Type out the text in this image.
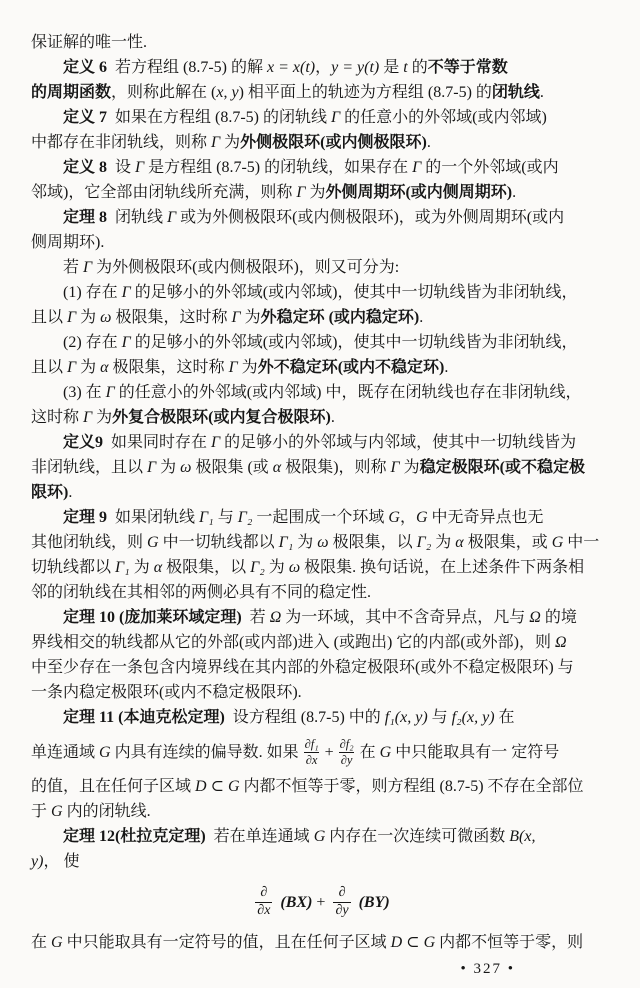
保证解的唯一性.
定义 6  若方程组 (8.7-5) 的解 x = x(t)，y = y(t) 是 t 的不等于常数
的周期函数，则称此解在 (x, y) 相平面上的轨迹为方程组 (8.7-5) 的闭轨线.
定义 7  如果在方程组 (8.7-5) 的闭轨线 Γ 的任意小的外邻域(或内邻域)
中都存在非闭轨线，则称 Γ 为外侧极限环(或内侧极限环).
定义 8  设 Γ 是方程组 (8.7-5) 的闭轨线，如果存在 Γ 的一个外邻域(或内
邻域)，它全部由闭轨线所充满，则称 Γ 为外侧周期环(或内侧周期环).
定理 8  闭轨线 Γ 或为外侧极限环(或内侧极限环)，或为外侧周期环(或内
侧周期环).
若 Γ 为外侧极限环(或内侧极限环)，则又可分为:
(1) 存在 Γ 的足够小的外邻域(或内邻域)，使其中一切轨线皆为非闭轨线，
且以 Γ 为 ω 极限集，这时称 Γ 为外稳定环 (或内稳定环).
(2) 存在 Γ 的足够小的外邻域(或内邻域)，使其中一切轨线皆为非闭轨线，
且以 Γ 为 α 极限集，这时称 Γ 为外不稳定环(或内不稳定环).
(3) 在 Γ 的任意小的外邻域(或内邻域) 中，既存在闭轨线也存在非闭轨线，
这时称 Γ 为外复合极限环(或内复合极限环).
定义9  如果同时存在 Γ 的足够小的外邻域与内邻域，使其中一切轨线皆为
非闭轨线，且以 Γ 为 ω 极限集 (或 α 极限集)，则称 Γ 为稳定极限环(或不稳定极
限环).
定理 9  如果闭轨线 Γ₁ 与 Γ₂ 一起围成一个环域 G，G 中无奇异点也无
其他闭轨线，则 G 中一切轨线都以 Γ₁ 为 ω 极限集，以 Γ₂ 为 α 极限集，或 G 中一
切轨线都以 Γ₁ 为 α 极限集，以 Γ₂ 为 ω 极限集. 换句话说，在上述条件下两条相
邻的闭轨线在其相邻的两侧必具有不同的稳定性.
定理 10 (庞加莱环域定理)  若 Ω 为一环域，其中不含奇异点，凡与 Ω 的境
界线相交的轨线都从它的外部(或内部)进入 (或跑出) 它的内部(或外部)，则 Ω
中至少存在一条包含内境界线在其内部的外稳定极限环(或外不稳定极限环) 与
一条内稳定极限环(或内不稳定极限环).
定理 11 (本迪克松定理)  设方程组 (8.7-5) 中的 f₁(x, y) 与 f₂(x, y) 在
单连通域 G 内具有连续的偏导数. 如果 $\frac{\text{∂f₁}}{\partial x} + \frac{\text{∂f₂}}{\partial y}$ 在 G 中只能取具有一 定符号
的值，且在任何子区域 D ⊂ G 内都不恒等于零，则方程组 (8.7-5) 不存在全部位
于 G 内的闭轨线.
定理 12(杜拉克定理)  若在单连通域 G 内存在一次连续可微函数 B(x,
y)， 使
$\frac{\partial}{\partial x}$
$(BX) + \frac{\partial}{\partial y}$
(BY)
在 G 中只能取具有一定符号的值，且在任何子区域 D ⊂ G 内都不恒等于零，则
• 327 •
